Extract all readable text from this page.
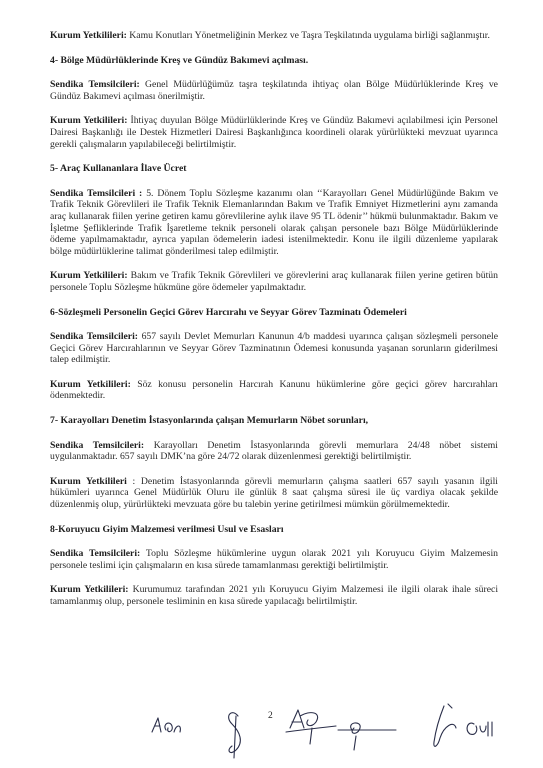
Kurum Yetkilileri: Kamu Konutları Yönetmeliğinin Merkez ve Taşra Teşkilatında uygulama birliği sağlanmıştır.

4- Bölge Müdürlüklerinde Kreş ve Gündüz Bakımevi açılması.

Sendika Temsilcileri: Genel Müdürlüğümüz taşra teşkilatında ihtiyaç olan Bölge Müdürlüklerinde Kreş ve Gündüz Bakımevi açılması önerilmiştir.

Kurum Yetkilileri: İhtiyaç duyulan Bölge Müdürlüklerinde Kreş ve Gündüz Bakımevi açılabilmesi için Personel Dairesi Başkanlığı ile Destek Hizmetleri Dairesi Başkanlığınca koordineli olarak yürürlükteki mevzuat uyarınca gerekli çalışmaların yapılabileceği belirtilmiştir.

5- Araç Kullananlara İlave Ücret

Sendika Temsilcileri : 5. Dönem Toplu Sözleşme kazanımı olan ‘‘Karayolları Genel Müdürlüğünde Bakım ve Trafik Teknik Görevlileri ile Trafik Teknik Elemanlarından Bakım ve Trafik Emniyet Hizmetlerini aynı zamanda araç kullanarak fiilen yerine getiren kamu görevlilerine aylık ilave 95 TL ödenir’’ hükmü bulunmaktadır. Bakım ve İşletme Şefliklerinde Trafik İşaretleme teknik personeli olarak çalışan personele bazı Bölge Müdürlüklerinde ödeme yapılmamaktadır, ayrıca yapılan ödemelerin iadesi istenilmektedir. Konu ile ilgili düzenleme yapılarak bölge müdürlüklerine talimat gönderilmesi talep edilmiştir.

Kurum Yetkilileri: Bakım ve Trafik Teknik Görevlileri ve görevlerini araç kullanarak fiilen yerine getiren bütün personele Toplu Sözleşme hükmüne göre ödemeler yapılmaktadır.

6-Sözleşmeli Personelin Geçici Görev Harcırahı ve Seyyar Görev Tazminatı Ödemeleri

Sendika Temsilcileri: 657 sayılı Devlet Memurları Kanunun 4/b maddesi uyarınca çalışan sözleşmeli personele Geçici Görev Harcırahlarının ve Seyyar Görev Tazminatının Ödemesi konusunda yaşanan sorunların giderilmesi talep edilmiştir.

Kurum Yetkilileri: Söz konusu personelin Harcırah Kanunu hükümlerine göre geçici görev harcırahları ödenmektedir.

7- Karayolları Denetim İstasyonlarında çalışan Memurların Nöbet sorunları,

Sendika Temsilcileri: Karayolları Denetim İstasyonlarında görevli memurlara 24/48 nöbet sistemi uygulanmaktadır. 657 sayılı DMK’na göre 24/72 olarak düzenlenmesi gerektiği belirtilmiştir.

Kurum Yetkilileri : Denetim İstasyonlarında görevli memurların çalışma saatleri 657 sayılı yasanın ilgili hükümleri uyarınca Genel Müdürlük Oluru ile günlük 8 saat çalışma süresi ile üç vardiya olacak şekilde düzenlenmiş olup, yürürlükteki mevzuata göre bu talebin yerine getirilmesi mümkün görülmemektedir.

8-Koruyucu Giyim Malzemesi verilmesi Usul ve Esasları

Sendika Temsilcileri: Toplu Sözleşme hükümlerine uygun olarak 2021 yılı Koruyucu Giyim Malzemesin personele teslimi için çalışmaların en kısa sürede tamamlanması gerektiği belirtilmiştir.

Kurum Yetkilileri: Kurumumuz tarafından 2021 yılı Koruyucu Giyim Malzemesi ile ilgili olarak ihale süreci tamamlanmış olup, personele tesliminin en kısa sürede yapılacağı belirtilmiştir.

2
